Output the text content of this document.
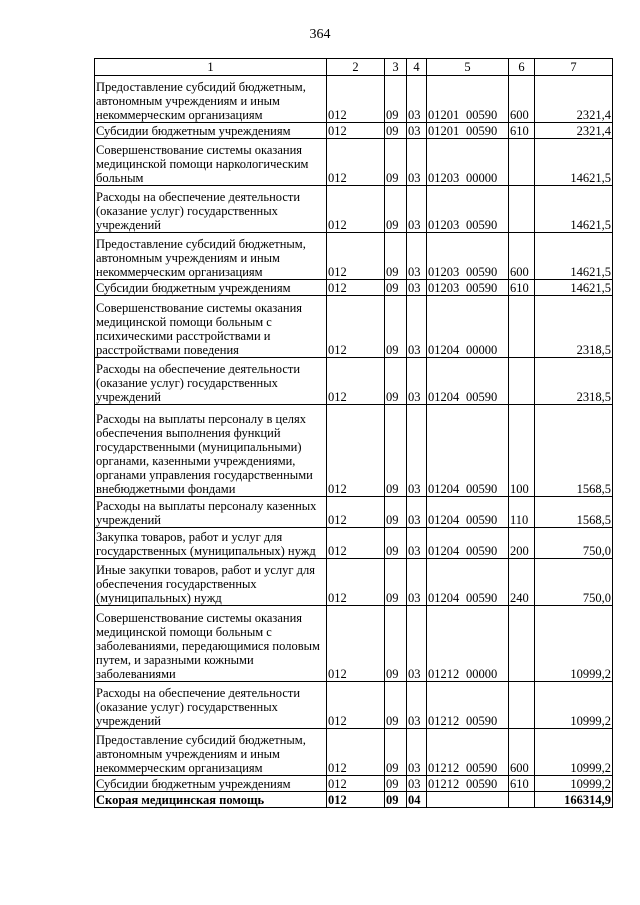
364
1	2	3	4	5	6	7
Предоставление субсидий бюджетным, автономным учреждениям и иным некоммерческим организациям	012	09	03	01201 00590	600	2321,4
Субсидии бюджетным учреждениям	012	09	03	01201 00590	610	2321,4
Совершенствование системы оказания медицинской помощи наркологическим больным	012	09	03	01203 00000		14621,5
Расходы на обеспечение деятельности (оказание услуг) государственных учреждений	012	09	03	01203 00590		14621,5
Предоставление субсидий бюджетным, автономным учреждениям и иным некоммерческим организациям	012	09	03	01203 00590	600	14621,5
Субсидии бюджетным учреждениям	012	09	03	01203 00590	610	14621,5
Совершенствование системы оказания медицинской помощи больным с психическими расстройствами и расстройствами поведения	012	09	03	01204 00000		2318,5
Расходы на обеспечение деятельности (оказание услуг) государственных учреждений	012	09	03	01204 00590		2318,5
Расходы на выплаты персоналу в целях обеспечения выполнения функций государственными (муниципальными) органами, казенными учреждениями, органами управления государственными внебюджетными фондами	012	09	03	01204 00590	100	1568,5
Расходы на выплаты персоналу казенных учреждений	012	09	03	01204 00590	110	1568,5
Закупка товаров, работ и услуг для государственных (муниципальных) нужд	012	09	03	01204 00590	200	750,0
Иные закупки товаров, работ и услуг для обеспечения государственных (муниципальных) нужд	012	09	03	01204 00590	240	750,0
Совершенствование системы оказания медицинской помощи больным с заболеваниями, передающимися половым путем, и заразными кожными заболеваниями	012	09	03	01212 00000		10999,2
Расходы на обеспечение деятельности (оказание услуг) государственных учреждений	012	09	03	01212 00590		10999,2
Предоставление субсидий бюджетным, автономным учреждениям и иным некоммерческим организациям	012	09	03	01212 00590	600	10999,2
Субсидии бюджетным учреждениям	012	09	03	01212 00590	610	10999,2
Скорая медицинская помощь	012	09	04			166314,9
